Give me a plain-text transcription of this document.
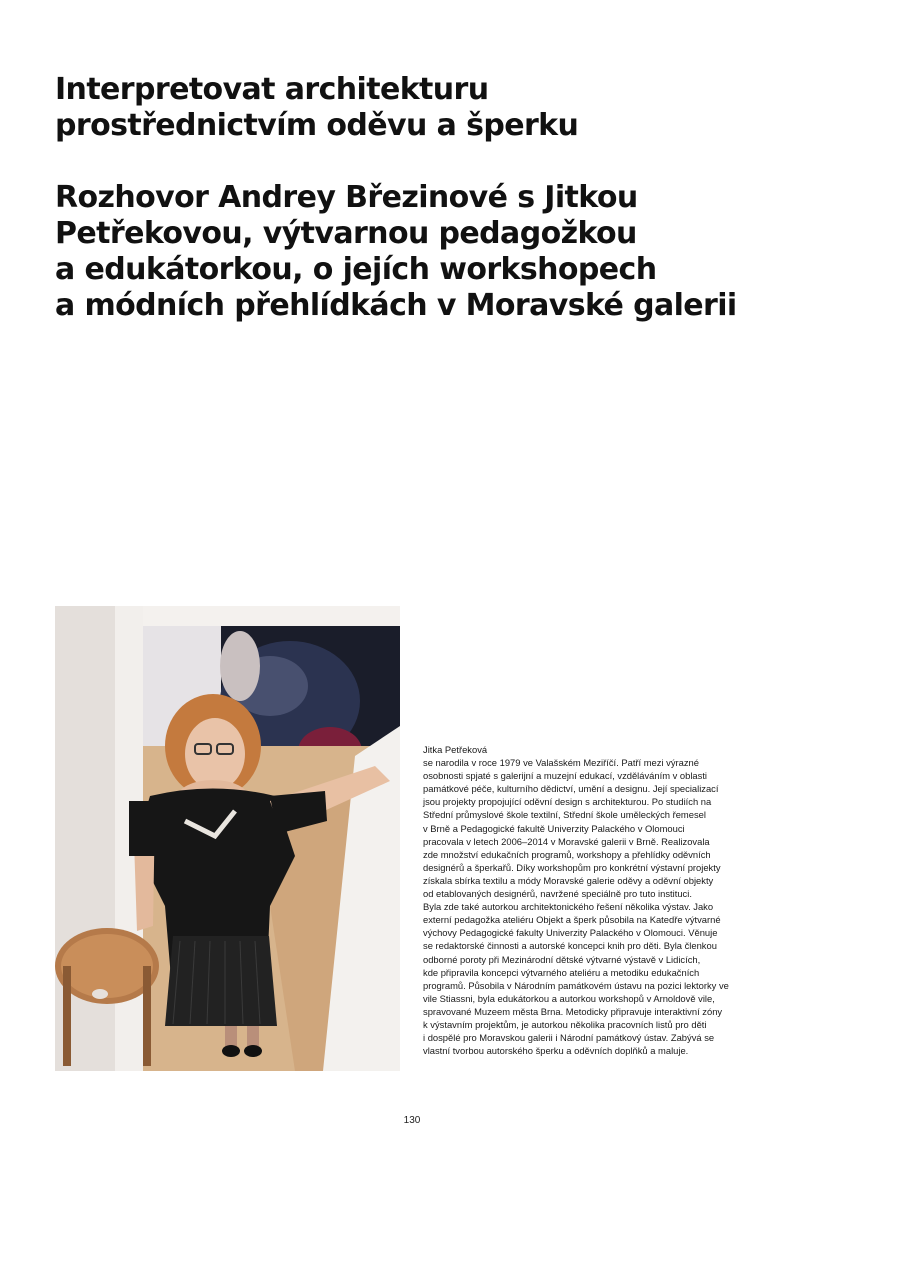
Interpretovat architekturu
prostřednictvím oděvu a šperku
Rozhovor Andrey Březinové s Jitkou
Petřekovou, výtvarnou pedagožkou
a edukátorkou, o jejích workshopech
a módních přehlídkách v Moravské galerii
Jitka Petřeková
se narodila v roce 1979 ve Valašském Meziříčí. Patří mezi výrazné
osobnosti spjaté s galerijní a muzejní edukací, vzděláváním v oblasti
památkové péče, kulturního dědictví, umění a designu. Její specializací
jsou projekty propojující oděvní design s architekturou. Po studiích na
Střední průmyslové škole textilní, Střední škole uměleckých řemesel
v Brně a Pedagogické fakultě Univerzity Palackého v Olomouci
pracovala v letech 2006–2014 v Moravské galerii v Brně. Realizovala
zde množství edukačních programů, workshopy a přehlídky oděvních
designérů a šperkařů. Díky workshopům pro konkrétní výstavní projekty
získala sbírka textilu a módy Moravské galerie oděvy a oděvní objekty
od etablovaných designérů, navržené speciálně pro tuto instituci.
Byla zde také autorkou architektonického řešení několika výstav. Jako
externí pedagožka ateliéru Objekt a šperk působila na Katedře výtvarné
výchovy Pedagogické fakulty Univerzity Palackého v Olomouci. Věnuje
se redaktorské činnosti a autorské koncepci knih pro děti. Byla členkou
odborné poroty při Mezinárodní dětské výtvarné výstavě v Lidicích,
kde připravila koncepci výtvarného ateliéru a metodiku edukačních
programů. Působila v Národním památkovém ústavu na pozici lektorky ve
vile Stiassni, byla edukátorkou a autorkou workshopů v Arnoldově vile,
spravované Muzeem města Brna. Metodicky připravuje interaktivní zóny
k výstavním projektům, je autorkou několika pracovních listů pro děti
i dospělé pro Moravskou galerii i Národní památkový ústav. Zabývá se
vlastní tvorbou autorského šperku a oděvních doplňků a maluje.
130
